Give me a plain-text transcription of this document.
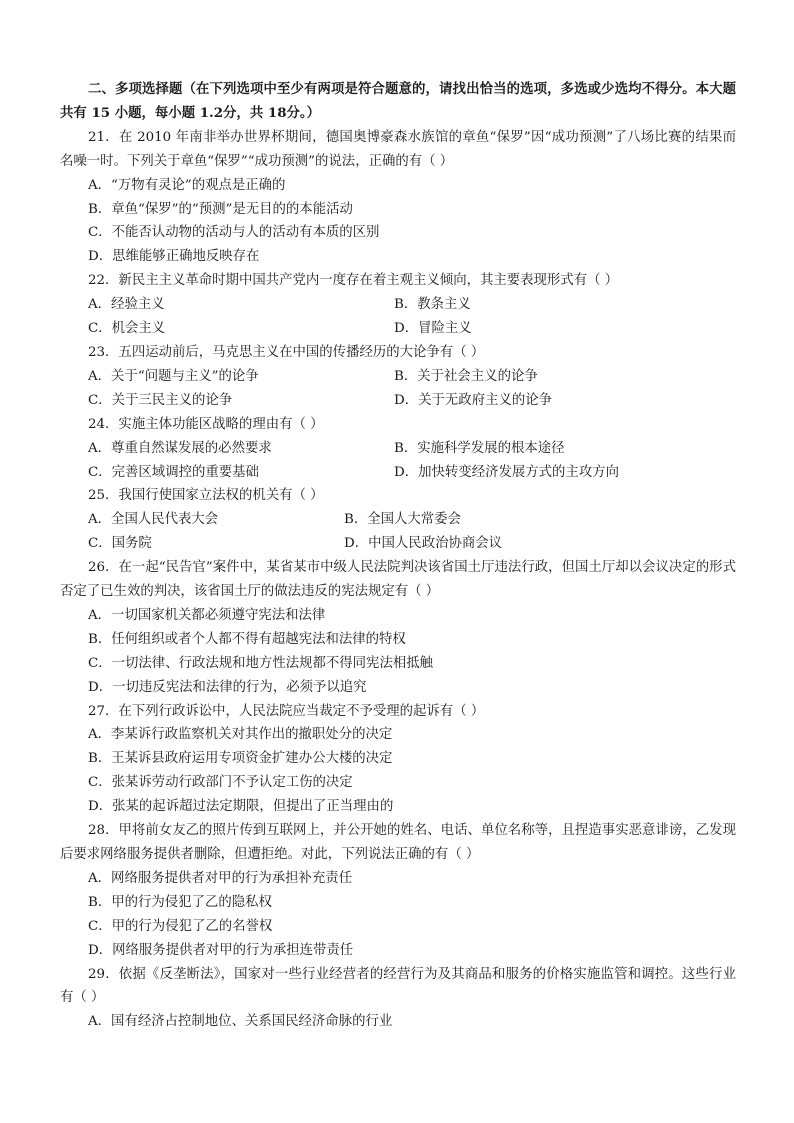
二、多项选择题（在下列选项中至少有两项是符合题意的，请找出恰当的选项，多选或少选均不得分。本大题共有 15 小题，每小题 1.2分，共 18分。）

21．在 2010 年南非举办世界杯期间，德国奥博豪森水族馆的章鱼“保罗”因“成功预测”了八场比赛的结果而名噪一时。下列关于章鱼“保罗”“成功预测”的说法，正确的有（ ）

A．“万物有灵论”的观点是正确的

B．章鱼“保罗”的“预测”是无目的的本能活动

C．不能否认动物的活动与人的活动有本质的区别

D．思维能够正确地反映存在

22．新民主主义革命时期中国共产党内一度存在着主观主义倾向，其主要表现形式有（ ）

A．经验主义	B．教条主义
C．机会主义	D．冒险主义

23．五四运动前后，马克思主义在中国的传播经历的大论争有（ ）

A．关于“问题与主义”的论争	B．关于社会主义的论争
C．关于三民主义的论争	D．关于无政府主义的论争

24．实施主体功能区战略的理由有（ ）

A．尊重自然谋发展的必然要求	B．实施科学发展的根本途径
C．完善区域调控的重要基础	D．加快转变经济发展方式的主攻方向

25．我国行使国家立法权的机关有（ ）

A．全国人民代表大会	B．全国人大常委会
C．国务院	D．中国人民政治协商会议

26．在一起“民告官”案件中，某省某市中级人民法院判决该省国土厅违法行政，但国土厅却以会议决定的形式否定了已生效的判决，该省国土厅的做法违反的宪法规定有（ ）

A．一切国家机关都必须遵守宪法和法律

B．任何组织或者个人都不得有超越宪法和法律的特权

C．一切法律、行政法规和地方性法规都不得同宪法相抵触

D．一切违反宪法和法律的行为，必须予以追究

27．在下列行政诉讼中，人民法院应当裁定不予受理的起诉有（ ）

A．李某诉行政监察机关对其作出的撤职处分的决定

B．王某诉县政府运用专项资金扩建办公大楼的决定

C．张某诉劳动行政部门不予认定工伤的决定

D．张某的起诉超过法定期限，但提出了正当理由的

28．甲将前女友乙的照片传到互联网上，并公开她的姓名、电话、单位名称等，且捏造事实恶意诽谤，乙发现后要求网络服务提供者删除，但遭拒绝。对此，下列说法正确的有（ ）

A．网络服务提供者对甲的行为承担补充责任

B．甲的行为侵犯了乙的隐私权

C．甲的行为侵犯了乙的名誉权

D．网络服务提供者对甲的行为承担连带责任

29．依据《反垄断法》，国家对一些行业经营者的经营行为及其商品和服务的价格实施监管和调控。这些行业有（ ）

A．国有经济占控制地位、关系国民经济命脉的行业
